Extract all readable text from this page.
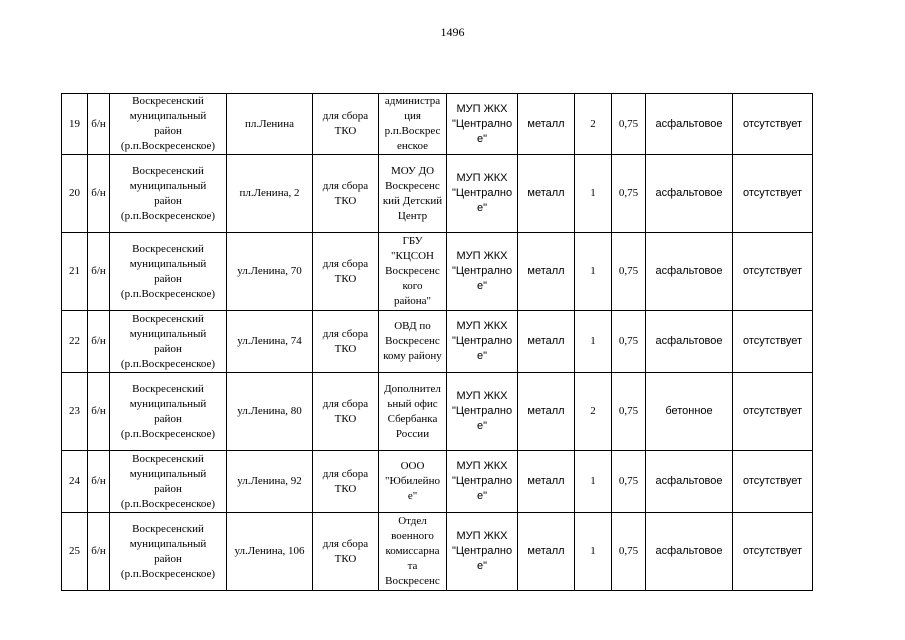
1496
19	б/н	Воскресенский
муниципальный
район
(р.п.Воскресенское)	пл.Ленина	для сбора
ТКО	администра
ция
р.п.Воскрес
енское	МУП ЖКХ
"Централно
е"	металл	2	0,75	асфальтовое	отсутствует
20	б/н	Воскресенский
муниципальный
район
(р.п.Воскресенское)	пл.Ленина, 2	для сбора
ТКО	МОУ ДО
Воскресенс
кий Детский
Центр	МУП ЖКХ
"Централно
е"	металл	1	0,75	асфальтовое	отсутствует
21	б/н	Воскресенский
муниципальный
район
(р.п.Воскресенское)	ул.Ленина, 70	для сбора
ТКО	ГБУ
"КЦСОН
Воскресенс
кого
района"	МУП ЖКХ
"Централно
е"	металл	1	0,75	асфальтовое	отсутствует
22	б/н	Воскресенский
муниципальный
район
(р.п.Воскресенское)	ул.Ленина, 74	для сбора
ТКО	ОВД по
Воскресенс
кому району	МУП ЖКХ
"Централно
е"	металл	1	0,75	асфальтовое	отсутствует
23	б/н	Воскресенский
муниципальный
район
(р.п.Воскресенское)	ул.Ленина, 80	для сбора
ТКО	Дополнител
ьный офис
Сбербанка
России	МУП ЖКХ
"Централно
е"	металл	2	0,75	бетонное	отсутствует
24	б/н	Воскресенский
муниципальный
район
(р.п.Воскресенское)	ул.Ленина, 92	для сбора
ТКО	ООО
"Юбилейно
е"	МУП ЖКХ
"Централно
е"	металл	1	0,75	асфальтовое	отсутствует
25	б/н	Воскресенский
муниципальный
район
(р.п.Воскресенское)	ул.Ленина, 106	для сбора
ТКО	Отдел
военного
комиссарна
та
Воскресенс	МУП ЖКХ
"Централно
е"	металл	1	0,75	асфальтовое	отсутствует
